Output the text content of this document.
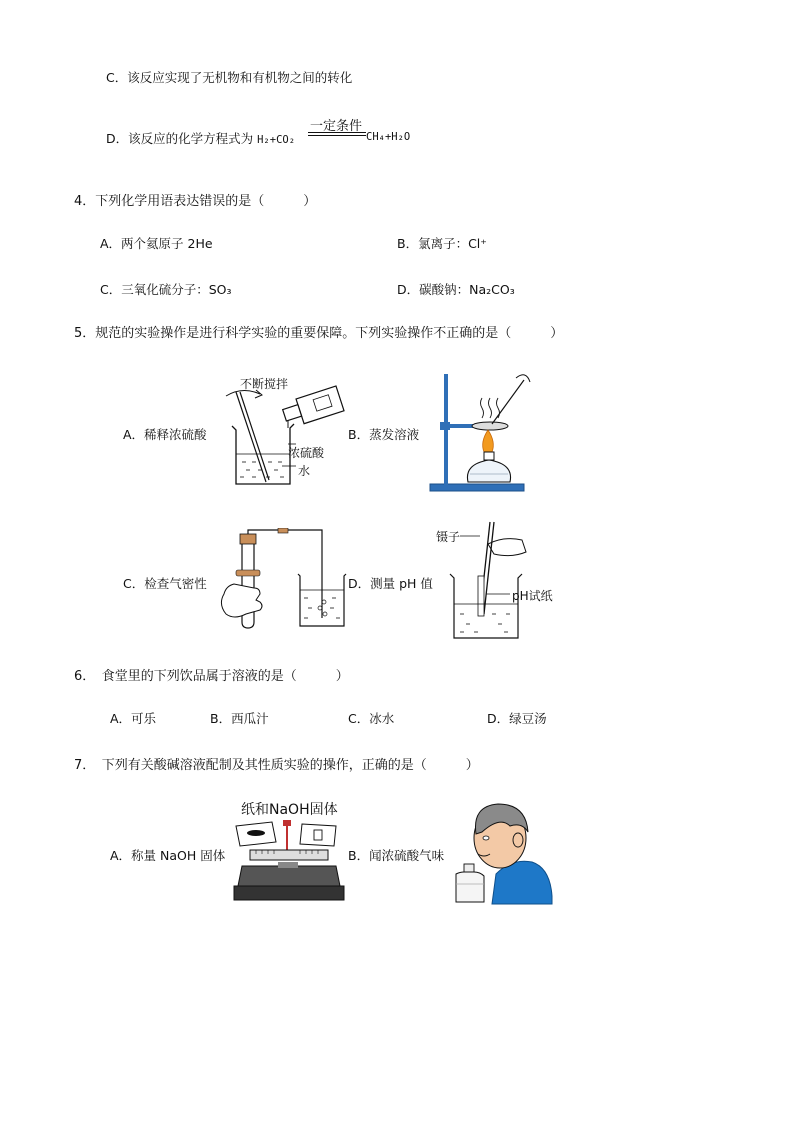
C．该反应实现了无机物和有机物之间的转化
D．该反应的化学方程式为 H₂+CO₂
一定条件
CH₄+H₂O
4．下列化学用语表达错误的是（　　　）
A．两个氦原子 2He	B．氯离子：Cl⁺
C．三氧化硫分子：SO₃	D．碳酸钠：Na₂CO₃
5．规范的实验操作是进行科学实验的重要保障。下列实验操作不正确的是（　　　）
A．稀释浓硫酸
不断搅拌
浓硫酸
水
B．蒸发溶液
C．检查气密性	D．测量 pH 值
镊子
pH试纸
6．　食堂里的下列饮品属于溶液的是（　　　）
A．可乐	B．西瓜汁	C．冰水	D．绿豆汤
7．　下列有关酸碱溶液配制及其性质实验的操作，正确的是（　　　）
A．称量 NaOH 固体
纸和NaOH固体
B．闻浓硫酸气味
